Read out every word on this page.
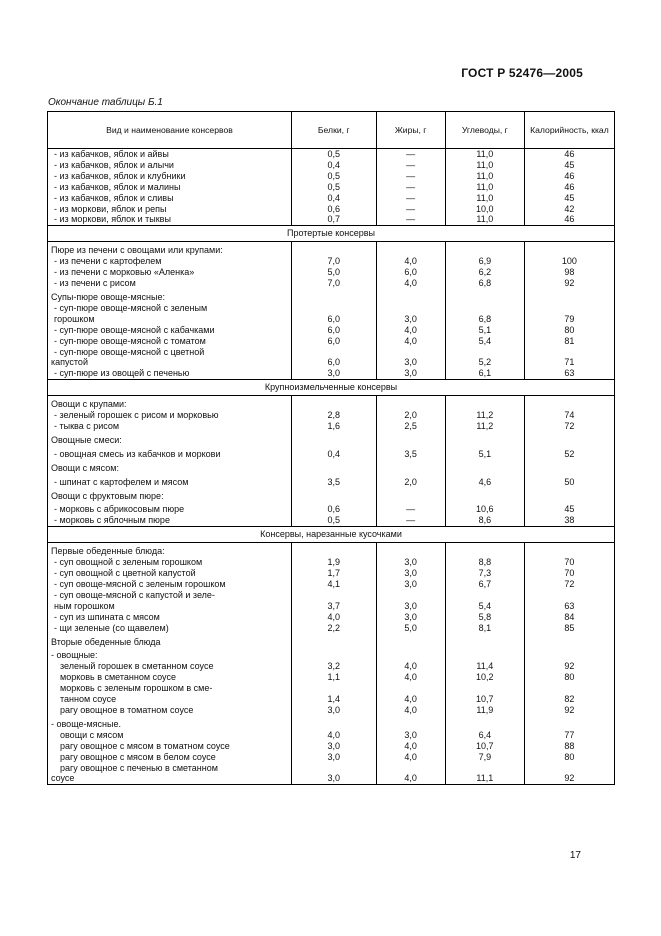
ГОСТ Р 52476—2005
Окончание таблицы Б.1
Вид и наименование консервов	Белки, г	Жиры, г	Углеводы, г	Калорийность, ккал
- из кабачков, яблок и айвы	0,5	—	11,0	46
- из кабачков, яблок и алычи	0,4	—	11,0	45
- из кабачков, яблок и клубники	0,5	—	11,0	46
- из кабачков, яблок и малины	0,5	—	11,0	46
- из кабачков, яблок и сливы	0,4	—	11,0	45
- из моркови, яблок и репы	0,6	—	10,0	42
- из моркови, яблок и тыквы	0,7	—	11,0	46
Протертые консервы				
Пюре из печени с овощами или крупами:				
- из печени с картофелем	7,0	4,0	6,9	100
- из печени с морковью «Аленка»	5,0	6,0	6,2	98
- из печени с рисом	7,0	4,0	6,8	92
Супы-пюре овоще-мясные:				
- суп-пюре овоще-мясной с зеленым				
горошком	6,0	3,0	6,8	79
- суп-пюре овоще-мясной с кабачками	6,0	4,0	5,1	80
- суп-пюре овоще-мясной с томатом	6,0	4,0	5,4	81
- суп-пюре овоще-мясной с цветной				
капустой	6,0	3,0	5,2	71
- суп-пюре из овощей с печенью	3,0	3,0	6,1	63
Крупноизмельченные консервы				
Овощи с крупами:				
- зеленый горошек с рисом и морковью	2,8	2,0	11,2	74
- тыква с рисом	1,6	2,5	11,2	72
Овощные смеси:				
- овощная смесь из кабачков и моркови	0,4	3,5	5,1	52
Овощи с мясом:				
- шпинат с картофелем и мясом	3,5	2,0	4,6	50
Овощи с фруктовым пюре:				
- морковь с абрикосовым пюре	0,6	—	10,6	45
- морковь с яблочным пюре	0,5	—	8,6	38
Консервы, нарезанные кусочками				
Первые обеденные блюда:				
- суп овощной с зеленым горошком	1,9	3,0	8,8	70
- суп овощной с цветной капустой	1,7	3,0	7,3	70
- суп овоще-мясной с зеленым горошком	4,1	3,0	6,7	72
- суп овоще-мясной с капустой и зеле-				
ным горошком	3,7	3,0	5,4	63
- суп из шпината с мясом	4,0	3,0	5,8	84
- щи зеленые (со щавелем)	2,2	5,0	8,1	85
Вторые обеденные блюда				
- овощные:				
зеленый горошек в сметанном соусе	3,2	4,0	11,4	92
морковь в сметанном соусе	1,1	4,0	10,2	80
морковь с зеленым горошком в сме-				
танном соусе	1,4	4,0	10,7	82
рагу овощное в томатном соусе	3,0	4,0	11,9	92
- овоще-мясные.				
овощи с мясом	4,0	3,0	6,4	77
рагу овощное с мясом в томатном соусе	3,0	4,0	10,7	88
рагу овощное с мясом в белом соусе	3,0	4,0	7,9	80
рагу овощное с печенью в сметанном				
соусе	3,0	4,0	11,1	92
17
